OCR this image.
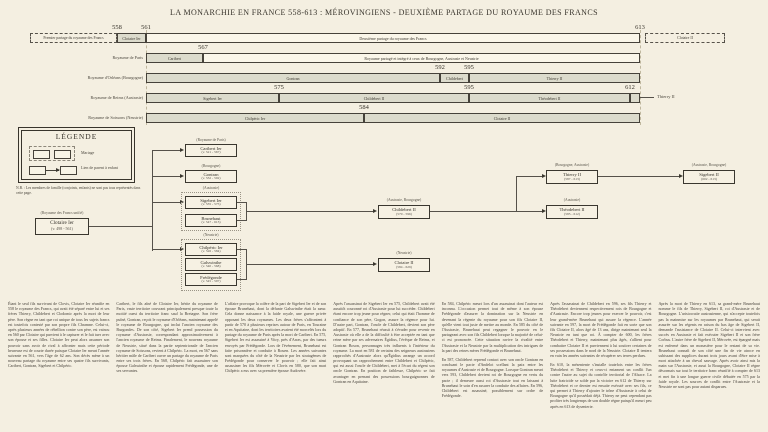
LA MONARCHIE EN FRANCE 558-613 : MÉROVINGIENS - DEUXIÈME PARTAGE DU ROYAUME DES FRANCS
558	561	613
567
592	595
575	595	612
584
Premier partage du royaume des Francs	Clotaire Ier	Deuxième partage du royaume des Francs	Clotaire II
Royaume de Paris	Caribert	Royaume partagé et intégré à ceux de Bourgogne, Austrasie et Neustrie
Royaume d'Orléans (Bourgogne)	Gontran	Childebert	Thierry II
Royaume de Reims (Austrasie)	Sigebert Ier	Childebert II	Théodebert II	Thierry II
Royaume de Soissons (Neustrie)	Chilpéric Ier	Clotaire II
LÉGENDE
Mariage
Lien de parent à enfant
N.B. : Les membres de famille (conjoints, enfants) ne sont pas tous représentés dans cette page.
(Royaume des Francs unifié)
Clotaire Ier
(v. 498 - 561)
(Royaume de Paris)
Caribert Ier
(v. 521 - 567)
(Bourgogne)
Gontran
(v. 532 - 592)
(Austrasie)
Sigebert Ier
(v. 535 - 575)
Brunehaut
(v. 547 - 613)
(Neustrie)
Chilpéric Ier
(v. 526 - 584)
Galswinthe
(v. 540 - 568)
Frédégonde
(v. 545 - 597)
(Austrasie, Bourgogne)
Childebert II
(570 - 596)
(Neustrie)
Clotaire II
(584 - 629)
(Bourgogne, Austrasie)
Thierry II
(587 - 613)
(Austrasie)
Théodebert II
(585 - 612)
(Austrasie, Bourgogne)
Sigebert II
(602 - 613)

Étant le seul fils survivant de Clovis, Clotaire Ier réunifie en 558 le royaume des Francs, qui avait été séparé entre lui et ses frères Thierry, Childebert et Clodomir après la mort de leur père. Son règne en tant que roi unique de tous les sujets francs est toutefois contesté par son propre fils Chramne. Celui-ci, après plusieurs années de rébellion contre son père, est vaincu en 560 par Clotaire qui parvient à le capturer et le fait tuer avec son épouse et ses filles. Clotaire Ier peut alors assumer son pouvoir sans avoir de rival à affronter mais cette période heureuse est de courte durée puisque Clotaire Ier meurt l'année suivante en 561, vers l'âge de 62 ans. Son décès mène à un nouveau partage du royaume entre ses quatre fils survivants, Caribert, Gontran, Sigebert et Chilpéric.

Caribert, le fils aîné de Clotaire Ier, hérite du royaume de Paris, vaste territoire couvrant principalement presque toute la moitié ouest du territoire franc sauf la Bretagne. Son frère puîné, Gontran, reçoit le royaume d'Orléans, maintenant appelé le royaume de Bourgogne, qui inclut l'ancien royaume des Burgondes. De son côté, Sigebert Ier prend possession du royaume d'Austrasie, correspondant approximativement à l'ancien royaume de Reims. Finalement, le nouveau royaume de Neustrie, situé dans la partie septentrionale de l'ancien royaume de Soissons, revient à Chilpéric. La mort, en 567 sans héritier mâle de Caribert ouvre un partage du royaume de Paris entre ses trois frères. En 568, Chilpéric fait assassiner son épouse Galswinthe et épouse rapidement Frédégonde, une de ses servantes.

L'affaire provoque la colère de la part de Sigebert Ier et de son épouse Brunehaut, dont la défunte Galswinthe était la sœur. Cela donne naissance à la faide royale, une guerre privée opposant les deux royaumes. Les deux frères s'affrontent à partir de 570 à plusieurs reprises autour de Paris, en Touraine et en Aquitaine, dont les territoires avaient été morcelés lors du partage du royaume de Paris après la mort de Caribert. En 575, Sigebert Ier est assassiné à Vitry, près d'Arras, par des tueurs envoyés par Frédégonde. Lors de l'événement, Brunehaut est faite prisonnière et conduite à Rouen. Les années suivantes sont marquées du côté de la Neustrie par les stratagèmes de Frédégonde pour conserver le pouvoir ; elle fait ainsi assassiner les fils Mérovée et Clovis en 580, que son mari Chilpéric a eus avec sa première épouse Audovère.

Après l'assassinat de Sigebert Ier en 575, Childebert avait été aussitôt couronné roi d'Austrasie pour lui succéder. Childebert étant encore trop jeune pour régner, celui qui était l'homme de confiance de son père, Gogon, assure la régence pour lui. D'autre part, Gontran, l'oncle de Childebert, devient son père adoptif. En 577, Brunehaut réussit à s'évader pour revenir en Austrasie où elle a de la difficulté à être acceptée en tant que reine mère par ses adversaires Égidius, l'évêque de Reims, et Gontran Boson, personnages très influents à l'intérieur du royaume. La mort en 581 de certains des seigneurs austrasiens rapprochés d'Austrasie alors qu'Égidius arrange un accord provoquant un rapprochement entre Childebert et Chilpéric, qui est aussi l'oncle de Childebert, met à l'écart du régent son oncle Gontran. En position de faiblesse, Chilpéric se fait avantager en prenant des possessions bourguignonnes de Gontran en Aquitaine.

En 584, Chilpéric meurt lors d'un assassinat dont l'auteur est inconnu. L'occasion permet tout de même à son épouse Frédégonde d'assurer la domination sur la Neustrie en devenant la régente du royaume pour son fils Clotaire II, qu'elle vient tout juste de mettre au monde. En 585 du côté de l'Austrasie, Brunehaut peut regagner le pouvoir en le partageant avec son fils Childebert lorsque la majorité de celui-ci est prononcée. Cette situation ravive la rivalité entre l'Austrasie et la Neustrie par la multiplication des intrigues de la part des reines mères Frédégonde et Brunehaut.

En 587, Childebert reprend contact avec son oncle Gontran en concluant le pacte d'Andelot scellant la paix entre les royaumes d'Austrasie et de Bourgogne. Lorsque Gontran meurt vers 593, Childebert devient roi de Bourgogne en vertu du pacte ; il demeure aussi roi d'Austrasie tout en laissant à Brunehaut le soin d'en assurer la conduite des affaires. En 596, Childebert est assassiné, possiblement sur ordre de Frédégonde.

Après l'assassinat de Childebert en 596, ses fils Thierry et Théodebert deviennent respectivement rois de Bourgogne et d'Austrasie. Encore trop jeunes pour exercer le pouvoir, c'est leur grand-mère Brunehaut qui assure la régence. L'année suivante en 597, la mort de Frédégonde fait en sorte que son fils Clotaire II, alors âgé de 13 ans, dirige maintenant seul la Neustrie en tant que roi. À compter de 600, les frères Théodebert et Thierry, maintenant plus âgés, s'allient pour combattre Clotaire II et parviennent à lui soutirer certaines de ses possessions dans le nord de la Neustrie. Clotaire II tentera en vain les années suivantes de récupérer ses terres perdues.

En 610, la mésentente s'installe toutefois entre les frères Théodebert et Thierry et ceux-ci entament un conflit l'un contre l'autre au sujet du contrôle territorial de l'Alsace. La lutte fratricide se solde par la victoire en 612 de Thierry sur Théodebert et ce dernier est ensuite exécuté avec ses fils, ce qui permet à Thierry d'ajouter le trône d'Austrasie à celui de Bourgogne qu'il possédait déjà. Thierry ne peut cependant pas profiter très longtemps de son double règne puisqu'il meurt peu après en 613 de dysenterie.

Après la mort de Thierry en 613, sa grand-mère Brunehaut nomme le fils de Thierry, Sigebert II, roi d'Austrasie et de Bourgogne. L'aristocratie austrasienne, qui n'accepte toutefois pas la mainmise sur les royaumes par Brunehaut, qui serait assurée sur les régents en raison du bas âge de Sigebert II, demande l'assistance de Clotaire II. Celui-ci intervient avec succès en Austrasie et fait exécuter Sigebert II et son frère Corbus. L'autre frère de Sigebert II, Mérovée, est épargné mais est enfermé dans un monastère pour le restant de sa vie. Brunehaut connaît de son côté une fin de vie atroce en subissant des supplices durant trois jours avant d'être mise à mort attachée à un cheval sauvage. Après avoir ainsi mis la main sur l'Austrasie, et aussi la Bourgogne, Clotaire II règne désormais sur tout le territoire franc réunifié à compter de 613 et met fin à une longue guerre civile débutée en 575 par la faide royale. Les sources de conflit entre l'Austrasie et la Neustrie ne sont pas pour autant disparues.
